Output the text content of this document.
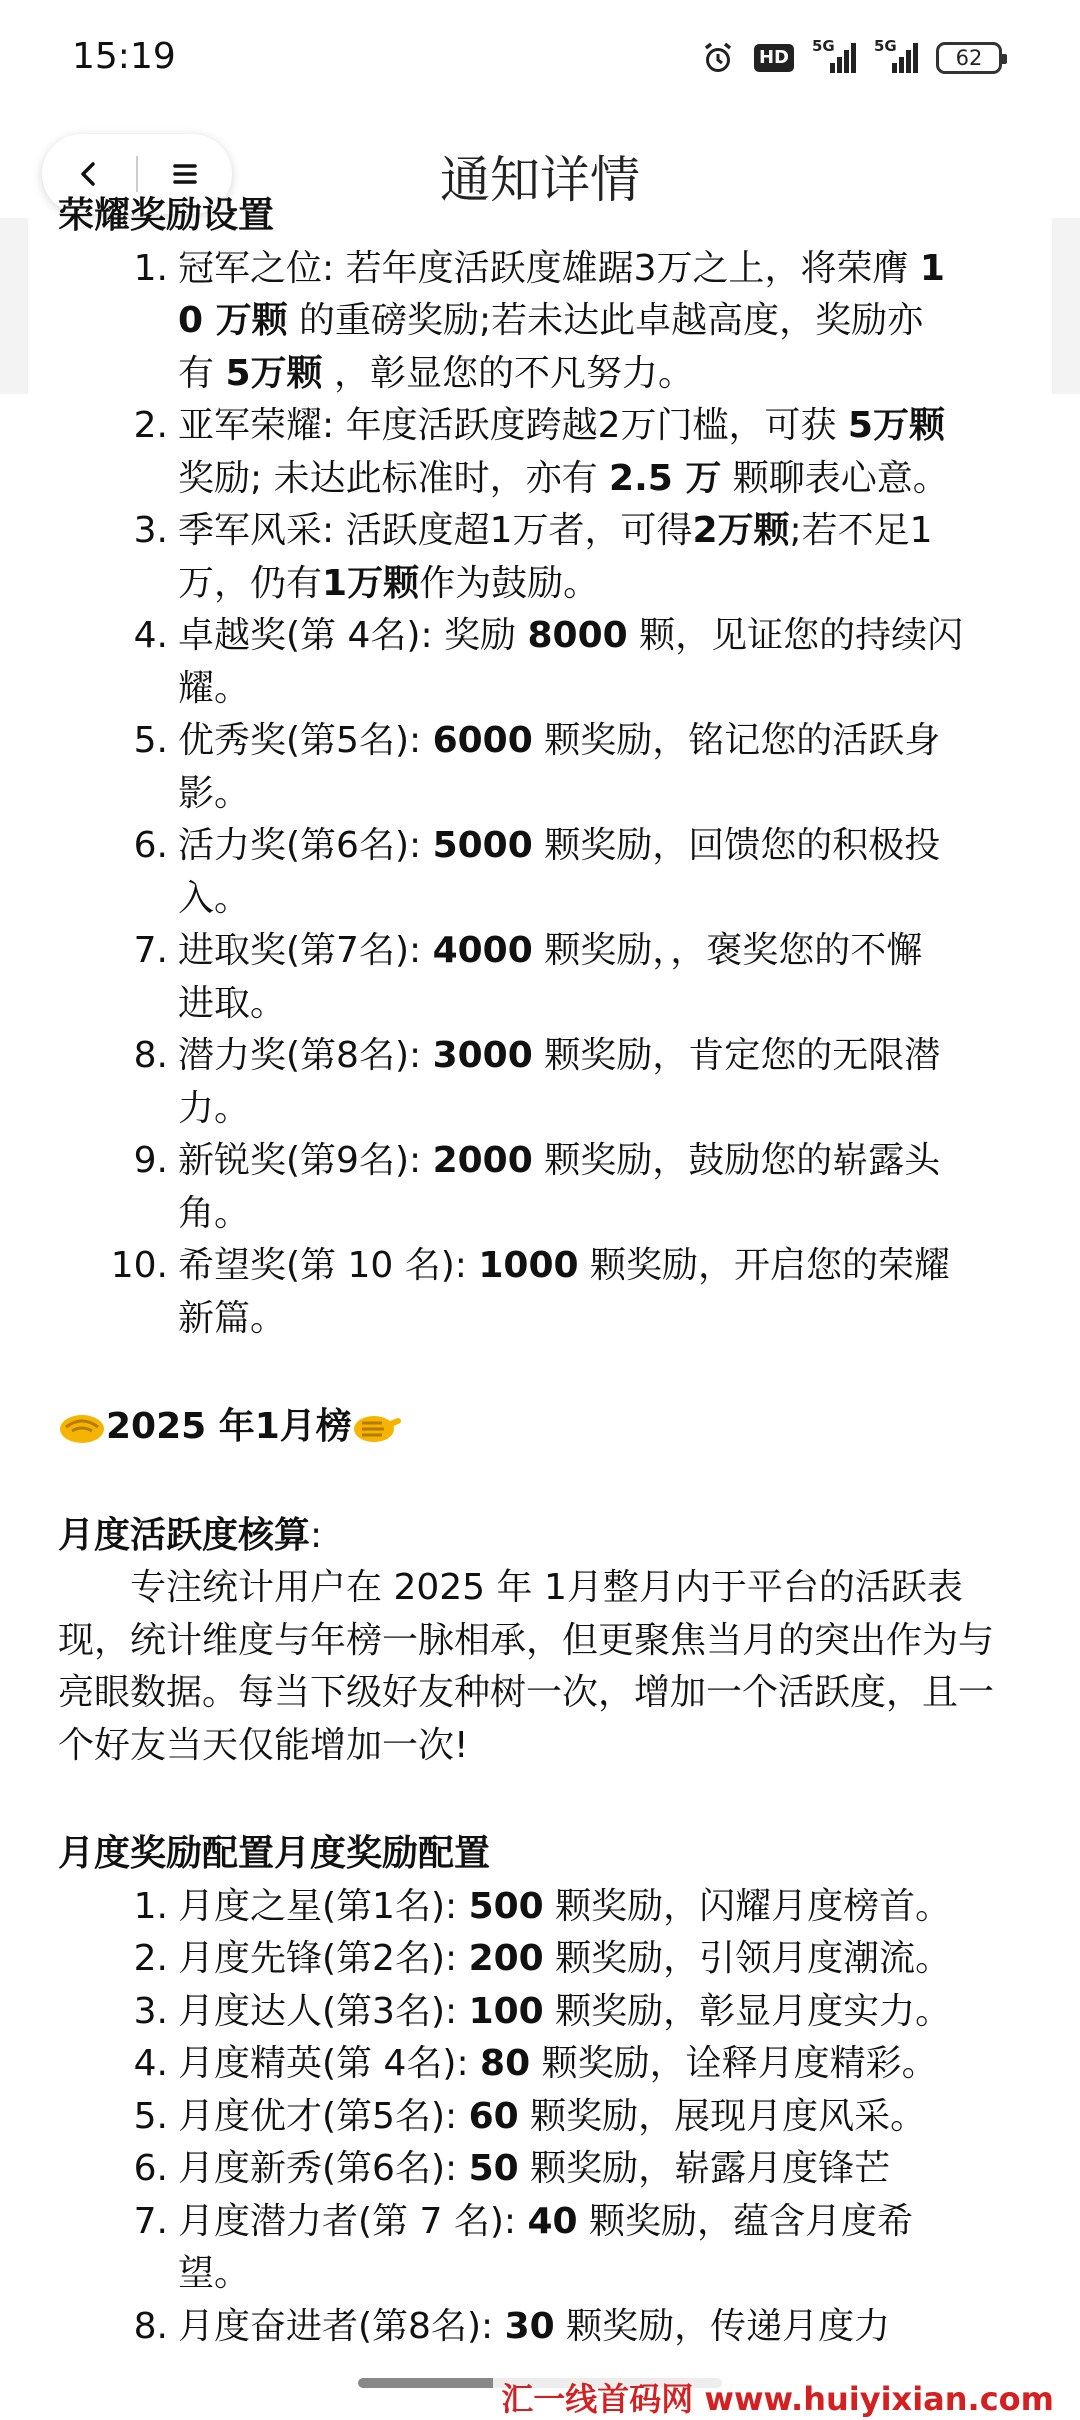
15:19	HD
5G	5G	62
通知详情

荣耀奖励设置

1. 冠军之位: 若年度活跃度雄踞3万之上，将荣膺 1
0 万颗 的重磅奖励;若未达此卓越高度，奖励亦
有 5万颗 ，彰显您的不凡努力。
2. 亚军荣耀: 年度活跃度跨越2万门槛，可获 5万颗
奖励; 未达此标准时，亦有 2.5 万 颗聊表心意。
3. 季军风采: 活跃度超1万者，可得2万颗;若不足1
万，仍有1万颗作为鼓励。
4. 卓越奖(第 4名): 奖励 8000 颗，见证您的持续闪
耀。
5. 优秀奖(第5名): 6000 颗奖励，铭记您的活跃身
影。
6. 活力奖(第6名): 5000 颗奖励，回馈您的积极投
入。
7. 进取奖(第7名): 4000 颗奖励，，褒奖您的不懈
进取。
8. 潜力奖(第8名): 3000 颗奖励，肯定您的无限潜
力。
9. 新锐奖(第9名): 2000 颗奖励，鼓励您的崭露头
角。
10. 希望奖(第 10 名): 1000 颗奖励，开启您的荣耀
新篇。
2025 年1月榜

月度活跃度核算:

专注统计用户在 2025 年 1月整月内于平台的活跃表现，统计维度与年榜一脉相承，但更聚焦当月的突出作为与亮眼数据。每当下级好友种树一次，增加一个活跃度，且一个好友当天仅能增加一次!

月度奖励配置月度奖励配置

1. 月度之星(第1名): 500 颗奖励，闪耀月度榜首。
2. 月度先锋(第2名): 200 颗奖励，引领月度潮流。
3. 月度达人(第3名): 100 颗奖励，彰显月度实力。
4. 月度精英(第 4名): 80 颗奖励，诠释月度精彩。
5. 月度优才(第5名): 60 颗奖励，展现月度风采。
6. 月度新秀(第6名): 50 颗奖励，崭露月度锋芒
7. 月度潜力者(第 7 名): 40 颗奖励，蕴含月度希
望。
8. 月度奋进者(第8名): 30 颗奖励，传递月度力
汇一线首码网 www.huiyixian.com
